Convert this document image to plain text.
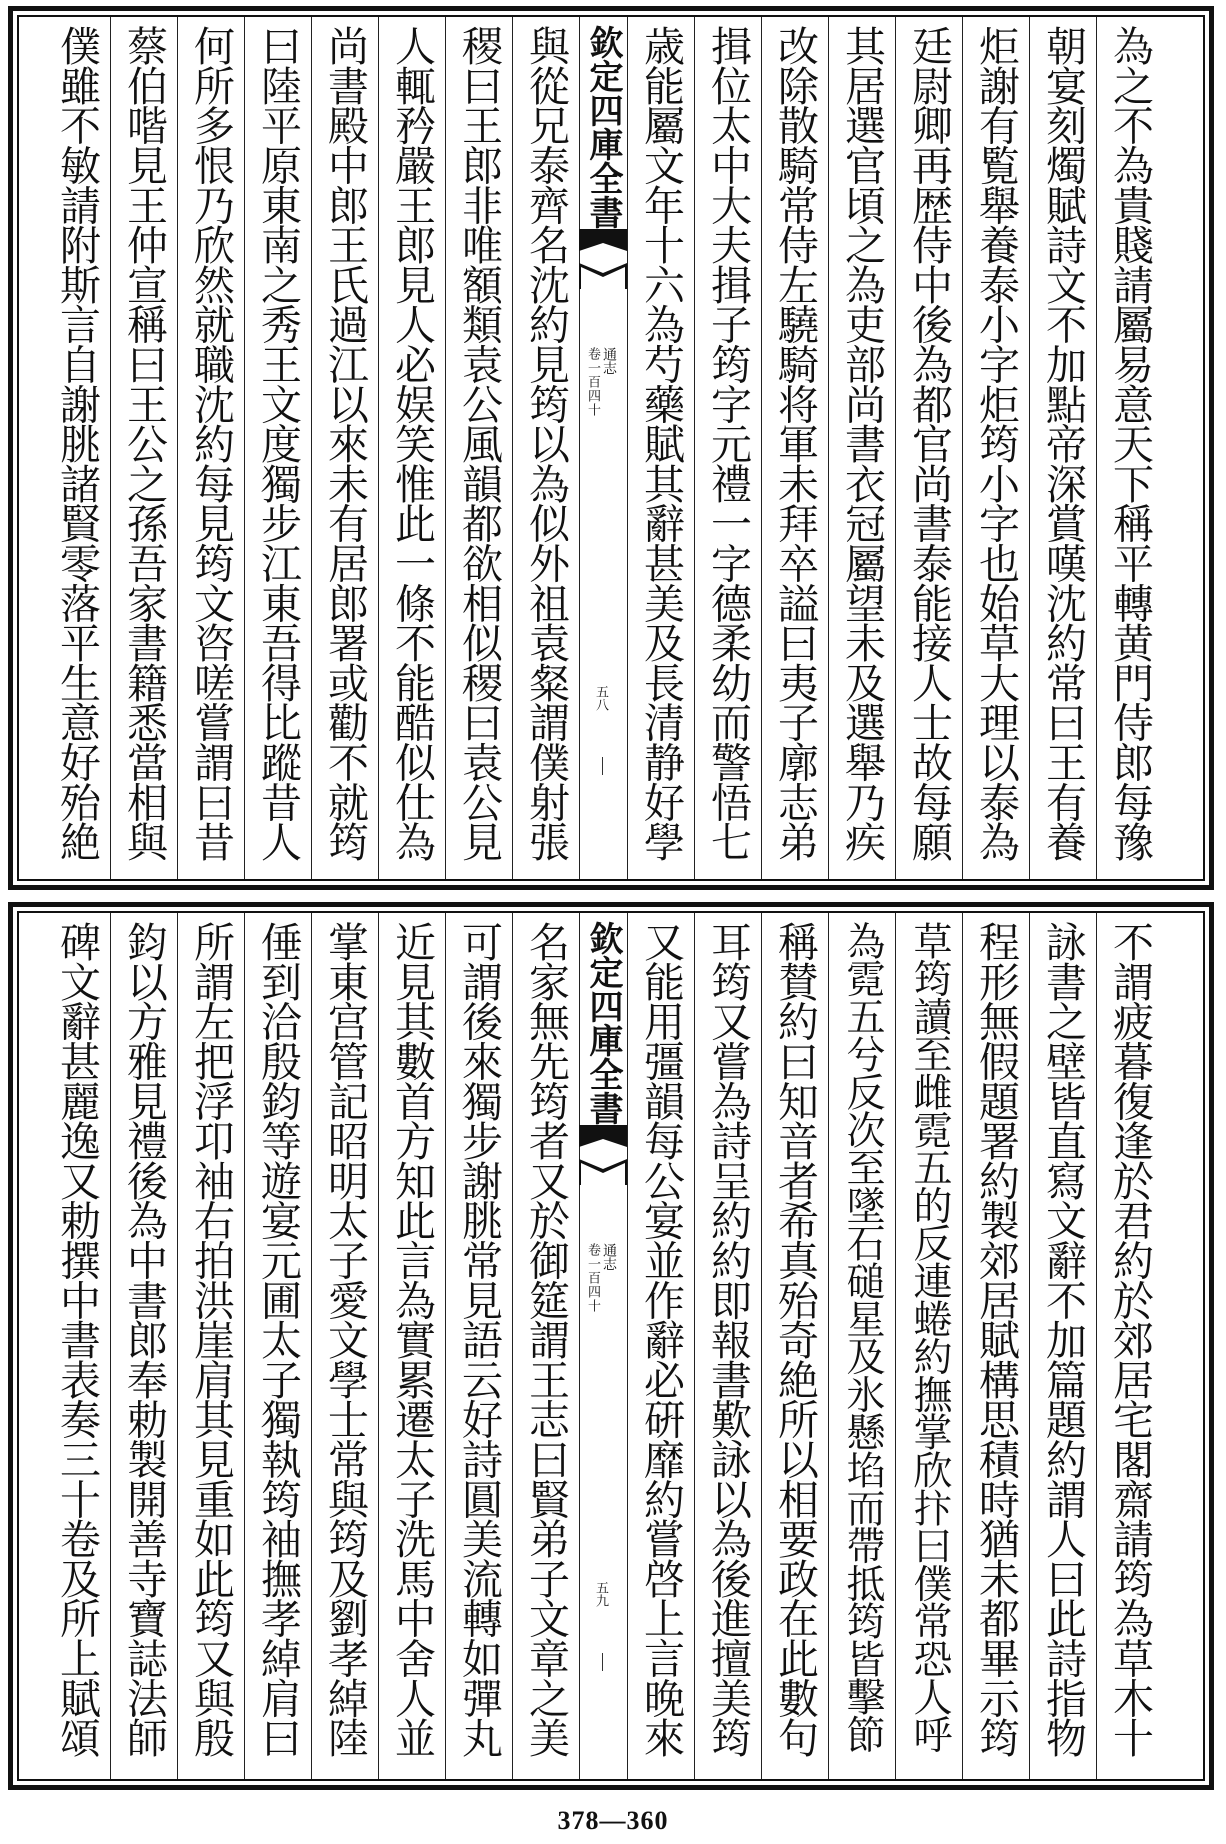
為之不為貴賤請屬易意天下稱平轉黄門侍郎每豫
朝宴刻燭賦詩文不加點帝深賞嘆沈約常曰王有養
炬謝有覧舉養泰小字炬筠小字也始草大理以泰為
廷尉卿再歴侍中後為都官尚書泰能接人士故每願
其居選官頃之為吏部尚書衣冠屬望未及選舉乃疾
改除散騎常侍左驍騎将軍未拜卒謚曰夷子廓志弟
揖位太中大夫揖子筠字元禮一字德柔幼而警悟七
歳能屬文年十六為芍藥賦其辭甚美及長清静好學
欽定四庫全書
通志
卷一百四十
五八
與從兄泰齊名沈約見筠以為似外祖袁粲謂僕射張
稷曰王郎非唯額類袁公風韻都欲相似稷曰袁公見
人輒矜嚴王郎見人必娱笑惟此一條不能酷似仕為
尚書殿中郎王氏過江以來未有居郎署或勸不就筠
曰陸平原東南之秀王文度獨步江東吾得比蹤昔人
何所多恨乃欣然就職沈約每見筠文咨嗟嘗謂曰昔
蔡伯喈見王仲宣稱曰王公之孫吾家書籍悉當相與
僕雖不敏請附斯言自謝朓諸賢零落平生意好殆絶
不謂疲暮復逢於君約於郊居宅閣齋請筠為草木十
詠書之壁皆直寫文辭不加篇題約謂人曰此詩指物
程形無假題署約製郊居賦構思積時猶未都畢示筠
草筠讀至雌霓五的反連蜷約撫掌欣抃曰僕常恐人呼
為霓五兮反次至墜石磓星及氷懸埳而帶抵筠皆擊節
稱賛約曰知音者希真殆奇絶所以相要政在此數句
耳筠又嘗為詩呈約約即報書歎詠以為後進擅美筠
又能用彊韻每公宴並作辭必硏靡約嘗啓上言晚來
欽定四庫全書
通志
卷一百四十
五九
名家無先筠者又於御筵謂王志曰賢弟子文章之美
可謂後來獨步謝朓常見語云好詩圓美流轉如彈丸
近見其數首方知此言為實累遷太子洗馬中舍人並
掌東宫管記昭明太子愛文學士常與筠及劉孝綽陸
倕到洽殷鈞等遊宴元圃太子獨執筠袖撫孝綽肩曰
所謂左把浮卭袖右拍洪崖肩其見重如此筠又與殷
鈞以方雅見禮後為中書郎奉勅製開善寺寶誌法師
碑文辭甚麗逸又勅撰中書表奏三十卷及所上賦頌
378—360
